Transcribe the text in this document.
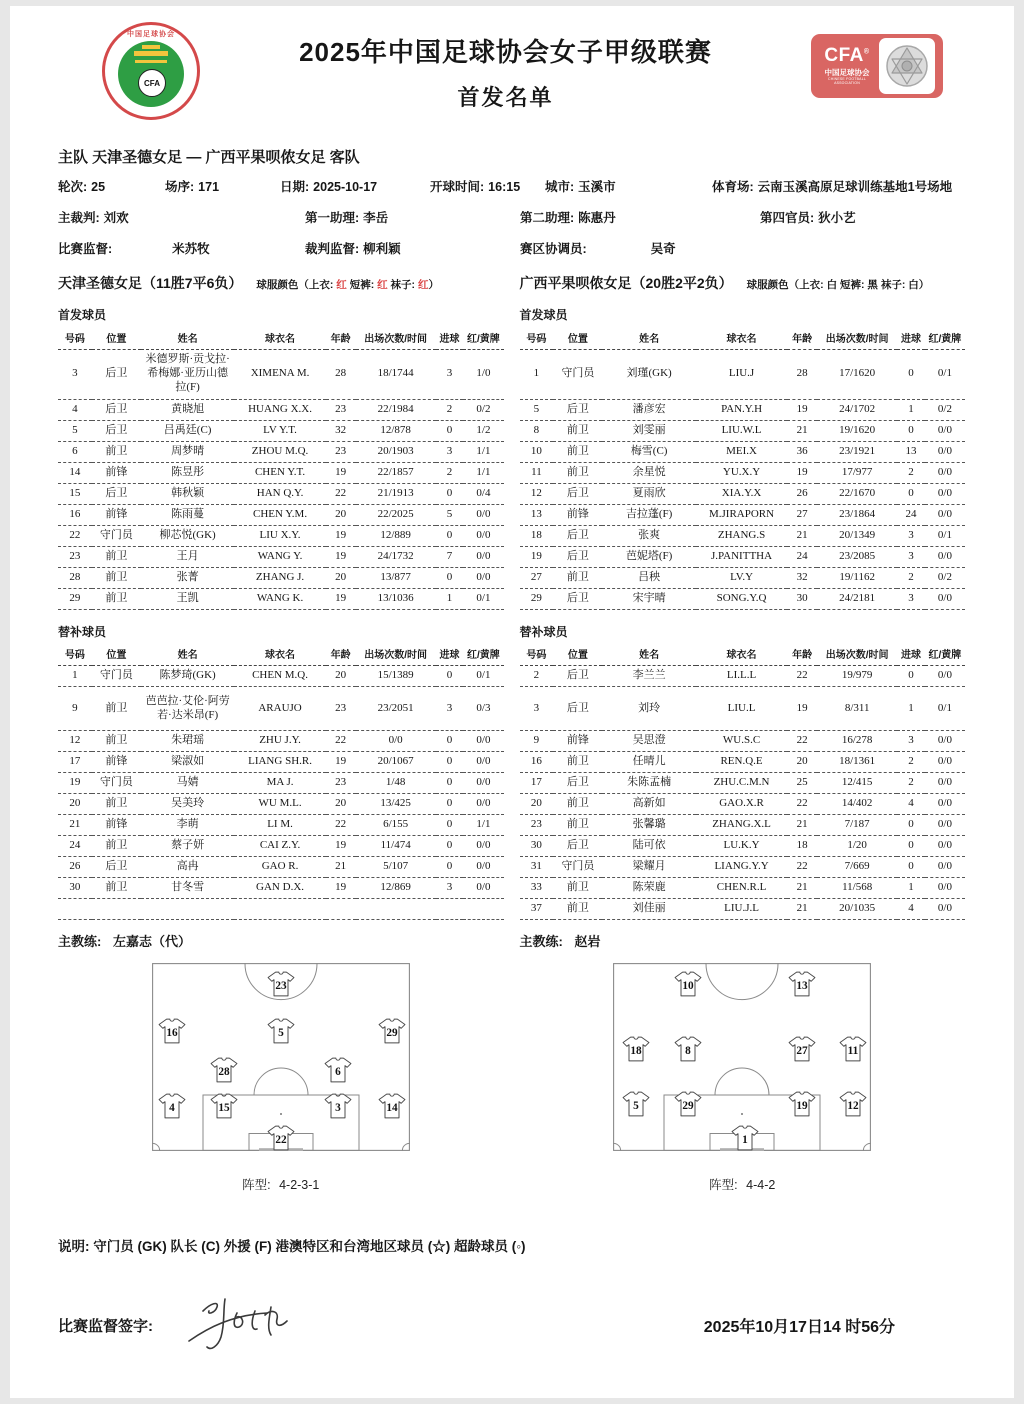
中国足球协会
CFA
2025年中国足球协会女子甲级联赛
首发名单
CFA®
中国足球协会
CHINESE FOOTBALL ASSOCIATION
主队 天津圣德女足 — 广西平果呗侬女足 客队
轮次: 25	场序: 171	日期: 2025-10-17	开球时间: 16:15	城市: 玉溪市	体育场: 云南玉溪高原足球训练基地1号场地
主裁判: 刘欢	第一助理: 李岳	第二助理: 陈惠丹	第四官员: 狄小艺
比赛监督:	米苏牧	裁判监督: 柳利颖	赛区协调员:	吴奇
天津圣德女足（11胜7平6负） 球服颜色（上衣: 红 短裤: 红 袜子: 红）
首发球员
号码	位置	姓名	球衣名	年龄	出场次数/时间	进球	红/黄牌
3	后卫	米德罗斯·贡戈拉·希梅娜·亚历山德拉(F)	XIMENA M.	28	18/1744	3	1/0
4	后卫	黄晓旭	HUANG X.X.	23	22/1984	2	0/2
5	后卫	吕禹廷(C)	LV Y.T.	32	12/878	0	1/2
6	前卫	周梦晴	ZHOU M.Q.	23	20/1903	3	1/1
14	前锋	陈昱彤	CHEN Y.T.	19	22/1857	2	1/1
15	后卫	韩秋颖	HAN Q.Y.	22	21/1913	0	0/4
16	前锋	陈雨蔓	CHEN Y.M.	20	22/2025	5	0/0
22	守门员	柳芯悦(GK)	LIU X.Y.	19	12/889	0	0/0
23	前卫	王月	WANG Y.	19	24/1732	7	0/0
28	前卫	张菁	ZHANG J.	20	13/877	0	0/0
29	前卫	王凯	WANG K.	19	13/1036	1	0/1
替补球员
号码	位置	姓名	球衣名	年龄	出场次数/时间	进球	红/黄牌
1	守门员	陈梦琦(GK)	CHEN M.Q.	20	15/1389	0	0/1
9	前卫	芭芭拉·艾伦·阿劳若·达米昂(F)	ARAUJO	23	23/2051	3	0/3
12	前卫	朱珺瑶	ZHU J.Y.	22	0/0	0	0/0
17	前锋	梁淑如	LIANG SH.R.	19	20/1067	0	0/0
19	守门员	马婧	MA J.	23	1/48	0	0/0
20	前卫	吴美玲	WU M.L.	20	13/425	0	0/0
21	前锋	李萌	LI M.	22	6/155	0	1/1
24	前卫	蔡子妍	CAI Z.Y.	19	11/474	0	0/0
26	后卫	高冉	GAO R.	21	5/107	0	0/0
30	前卫	甘冬雪	GAN D.X.	19	12/869	3	0/0

主教练: 左嘉志（代）
23
16	5	29
28	6
4	15	3	14
22
阵型: 4-2-3-1
广西平果呗侬女足（20胜2平2负） 球服颜色（上衣: 白 短裤: 黑 袜子: 白）
首发球员
号码	位置	姓名	球衣名	年龄	出场次数/时间	进球	红/黄牌
1	守门员	刘瑾(GK)	LIU.J	28	17/1620	0	0/1
5	后卫	潘彦宏	PAN.Y.H	19	24/1702	1	0/2
8	前卫	刘雯丽	LIU.W.L	21	19/1620	0	0/0
10	前卫	梅雪(C)	MEI.X	36	23/1921	13	0/0
11	前卫	余星悦	YU.X.Y	19	17/977	2	0/0
12	后卫	夏雨欣	XIA.Y.X	26	22/1670	0	0/0
13	前锋	吉拉蓬(F)	M.JIRAPORN	27	23/1864	24	0/0
18	后卫	张爽	ZHANG.S	21	20/1349	3	0/1
19	后卫	芭妮塔(F)	J.PANITTHA	24	23/2085	3	0/0
27	前卫	吕秧	LV.Y	32	19/1162	2	0/2
29	后卫	宋宇晴	SONG.Y.Q	30	24/2181	3	0/0
替补球员
号码	位置	姓名	球衣名	年龄	出场次数/时间	进球	红/黄牌
2	后卫	李兰兰	LI.L.L	22	19/979	0	0/0
3	后卫	刘玲	LIU.L	19	8/311	1	0/1
9	前锋	吴思澄	WU.S.C	22	16/278	3	0/0
16	前卫	任晴儿	REN.Q.E	20	18/1361	2	0/0
17	后卫	朱陈孟楠	ZHU.C.M.N	25	12/415	2	0/0
20	前卫	高新如	GAO.X.R	22	14/402	4	0/0
23	前卫	张馨璐	ZHANG.X.L	21	7/187	0	0/0
30	后卫	陆可依	LU.K.Y	18	1/20	0	0/0
31	守门员	梁耀月	LIANG.Y.Y	22	7/669	0	0/0
33	前卫	陈荣鹿	CHEN.R.L	21	11/568	1	0/0
37	前卫	刘佳丽	LIU.J.L	21	20/1035	4	0/0
主教练: 赵岩
10	13
18	8	27	11
5	29	19	12
1
阵型: 4-4-2
说明: 守门员 (GK) 队长 (C) 外援 (F) 港澳特区和台湾地区球员 (☆) 超龄球员 (◦)
比赛监督签字:	2025年10月17日14 时56分
